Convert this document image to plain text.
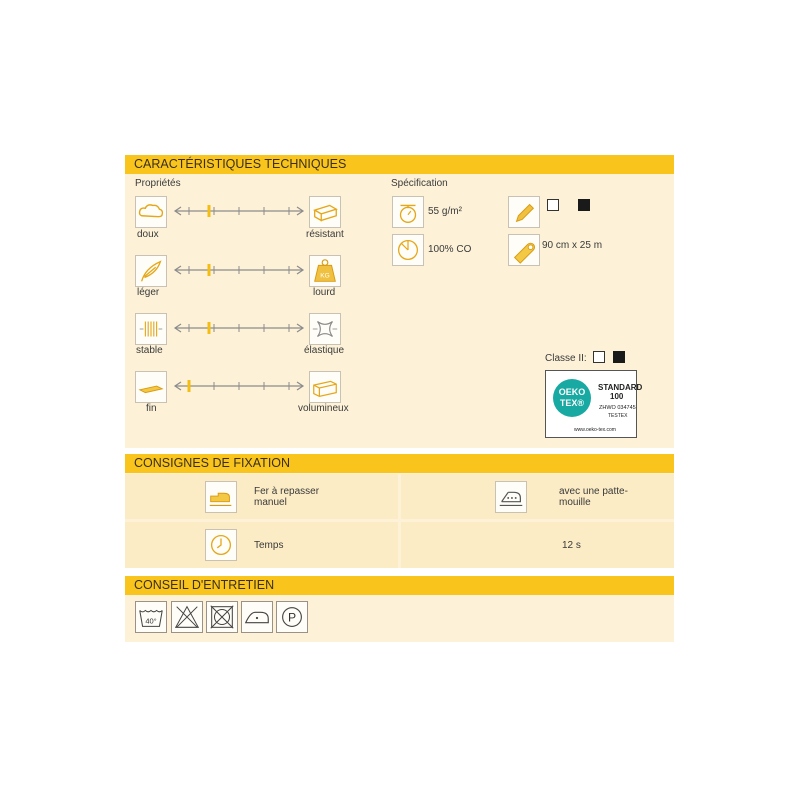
CARACTÉRISTIQUES TECHNIQUES
Propriétés	Spécification
doux	résistant
léger
KG
lourd
stable	élastique
fin	volumineux
55 g/m²
100% CO	90 cm x 25 m
Classe II:
OEKO
TEX®
STANDARD
100
ZHWO 034745
TESTEX
www.oeko-tex.com
CONSIGNES DE FIXATION
Fer à repasser manuel
avec une patte-mouille
Temps	12 s
CONSEIL D'ENTRETIEN
40°	P
